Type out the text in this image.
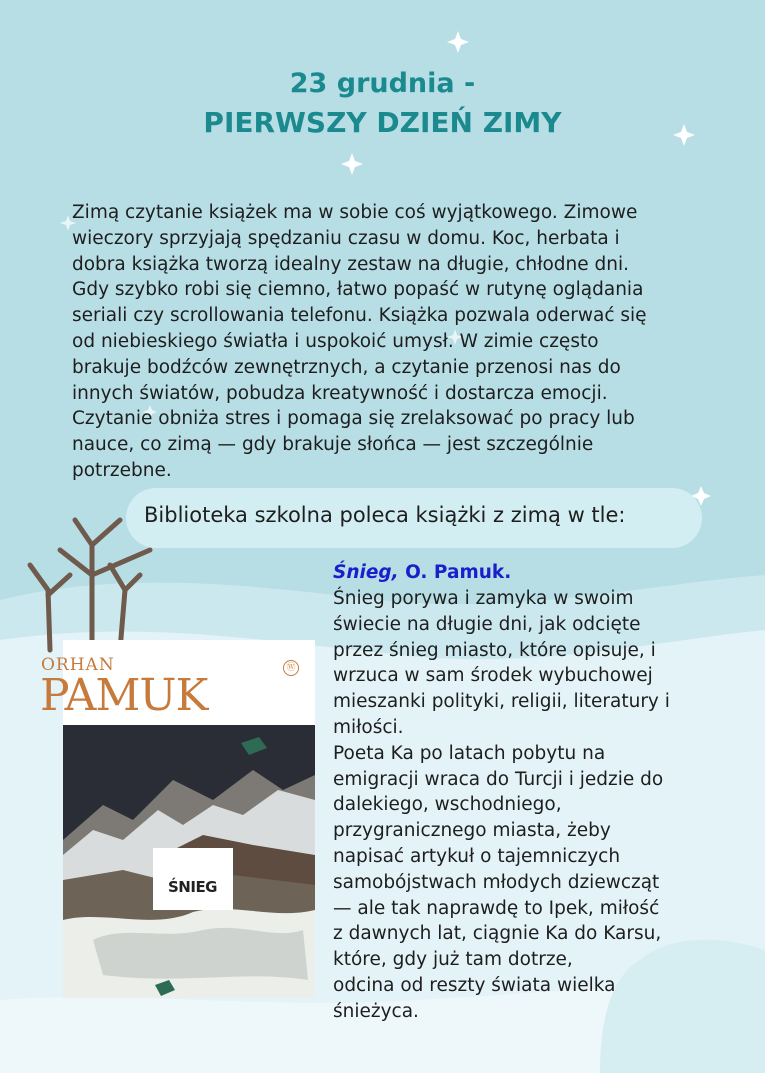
23 grudnia -
PIERWSZY DZIEŃ ZIMY
Zimą czytanie książek ma w sobie coś wyjątkowego. Zimowe
wieczory sprzyjają spędzaniu czasu w domu. Koc, herbata i
dobra książka tworzą idealny zestaw na długie, chłodne dni.
Gdy szybko robi się ciemno, łatwo popaść w rutynę oglądania
seriali czy scrollowania telefonu. Książka pozwala oderwać się
od niebieskiego światła i uspokoić umysł. W zimie często
brakuje bodźców zewnętrznych, a czytanie przenosi nas do
innych światów, pobudza kreatywność i dostarcza emocji.
Czytanie obniża stres i pomaga się zrelaksować po pracy lub
nauce, co zimą — gdy brakuje słońca — jest szczególnie
potrzebne.
Biblioteka szkolna poleca książki z zimą w tle:
ORHAN
PAMUK
Ⓦ
ŚNIEG
Śnieg, O. Pamuk.
Śnieg porywa i zamyka w swoim
świecie na długie dni, jak odcięte
przez śnieg miasto, które opisuje, i
wrzuca w sam środek wybuchowej
mieszanki polityki, religii, literatury i
miłości.
Poeta Ka po latach pobytu na
emigracji wraca do Turcji i jedzie do
dalekiego, wschodniego,
przygranicznego miasta, żeby
napisać artykuł o tajemniczych
samobójstwach młodych dziewcząt
— ale tak naprawdę to Ipek, miłość
z dawnych lat, ciągnie Ka do Karsu,
które, gdy już tam dotrze,
odcina od reszty świata wielka
śnieżyca.
